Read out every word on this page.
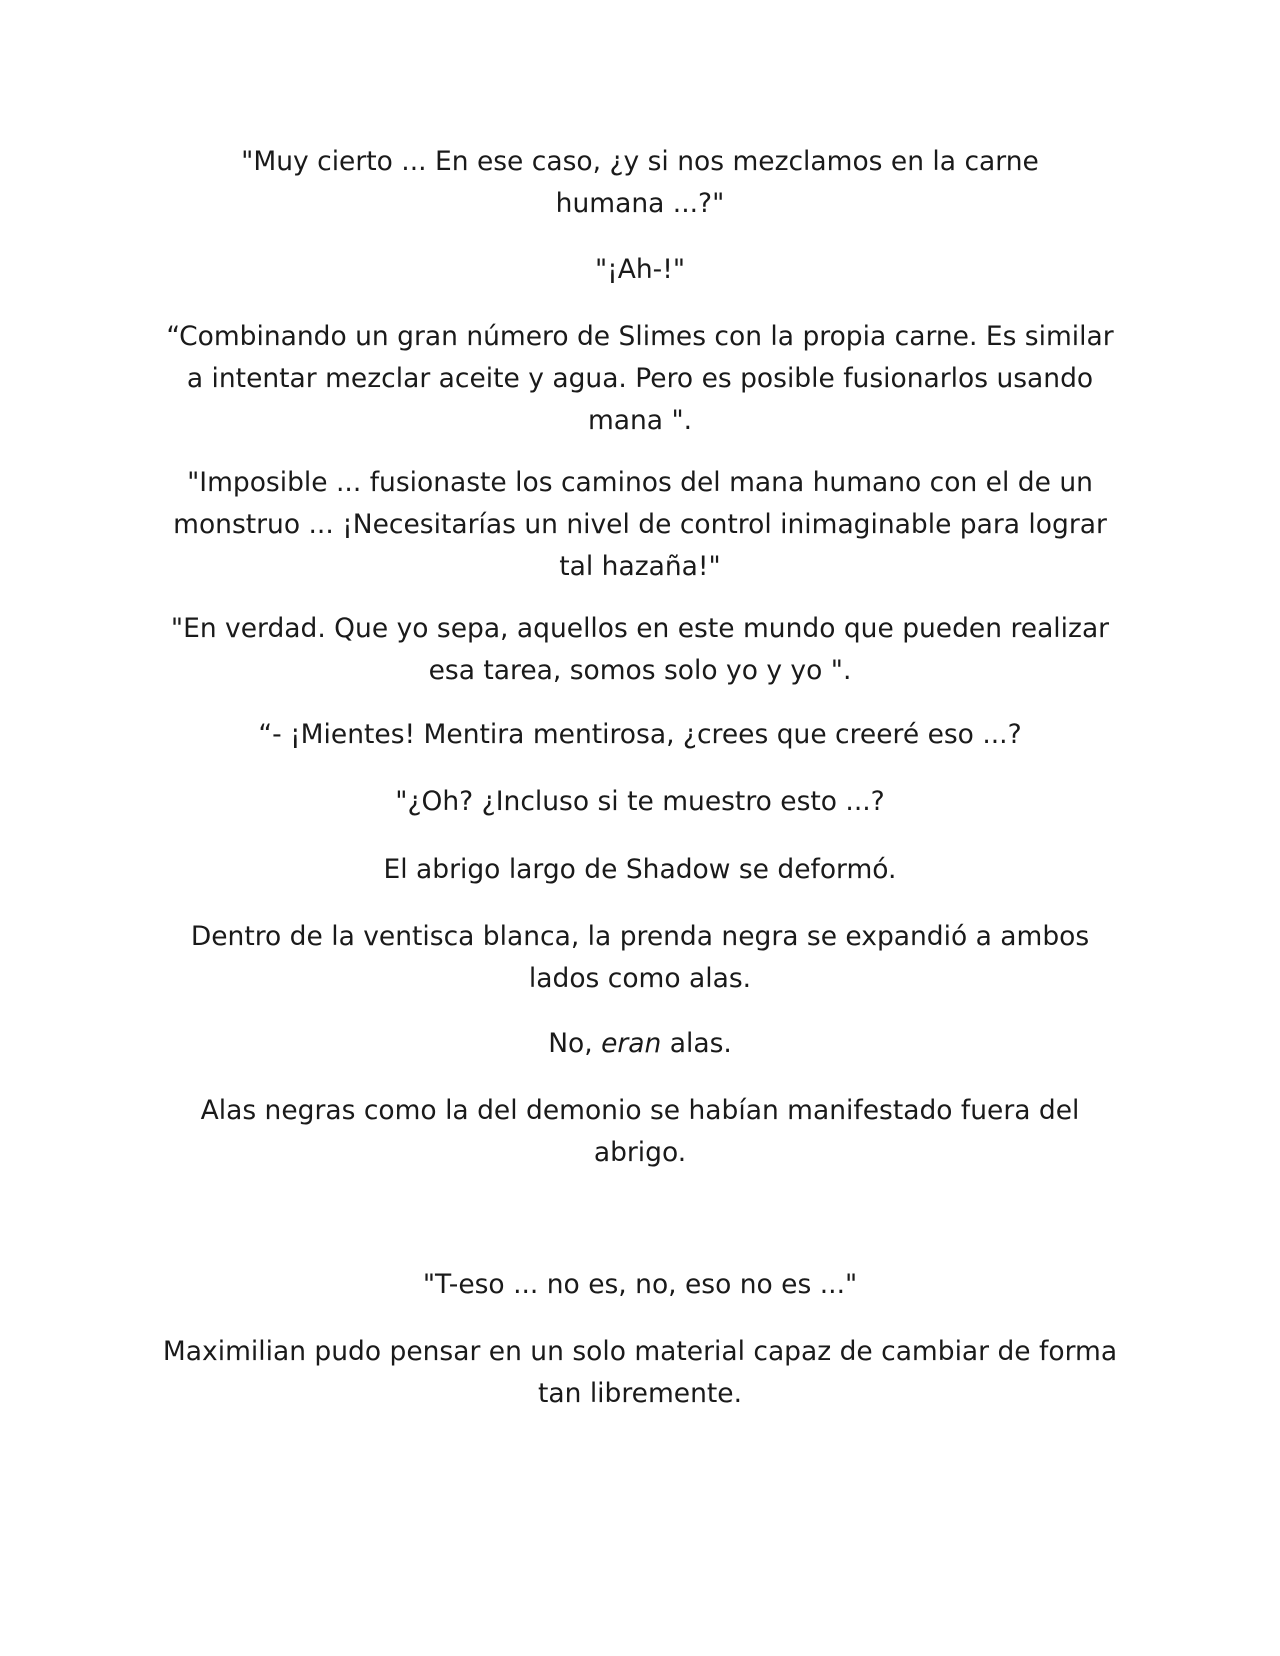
"Muy cierto ... En ese caso, ¿y si nos mezclamos en la carne
humana ...?"

"¡Ah-!"

“Combinando un gran número de Slimes con la propia carne. Es similar
a intentar mezclar aceite y agua. Pero es posible fusionarlos usando
mana ".

"Imposible ... fusionaste los caminos del mana humano con el de un
monstruo ... ¡Necesitarías un nivel de control inimaginable para lograr
tal hazaña!"

"En verdad. Que yo sepa, aquellos en este mundo que pueden realizar
esa tarea, somos solo yo y yo ".

“- ¡Mientes! Mentira mentirosa, ¿crees que creeré eso ...?

"¿Oh? ¿Incluso si te muestro esto ...?

El abrigo largo de Shadow se deformó.

Dentro de la ventisca blanca, la prenda negra se expandió a ambos
lados como alas.

No, eran alas.

Alas negras como la del demonio se habían manifestado fuera del
abrigo.

"T-eso ... no es, no, eso no es ..."

Maximilian pudo pensar en un solo material capaz de cambiar de forma
tan libremente.
